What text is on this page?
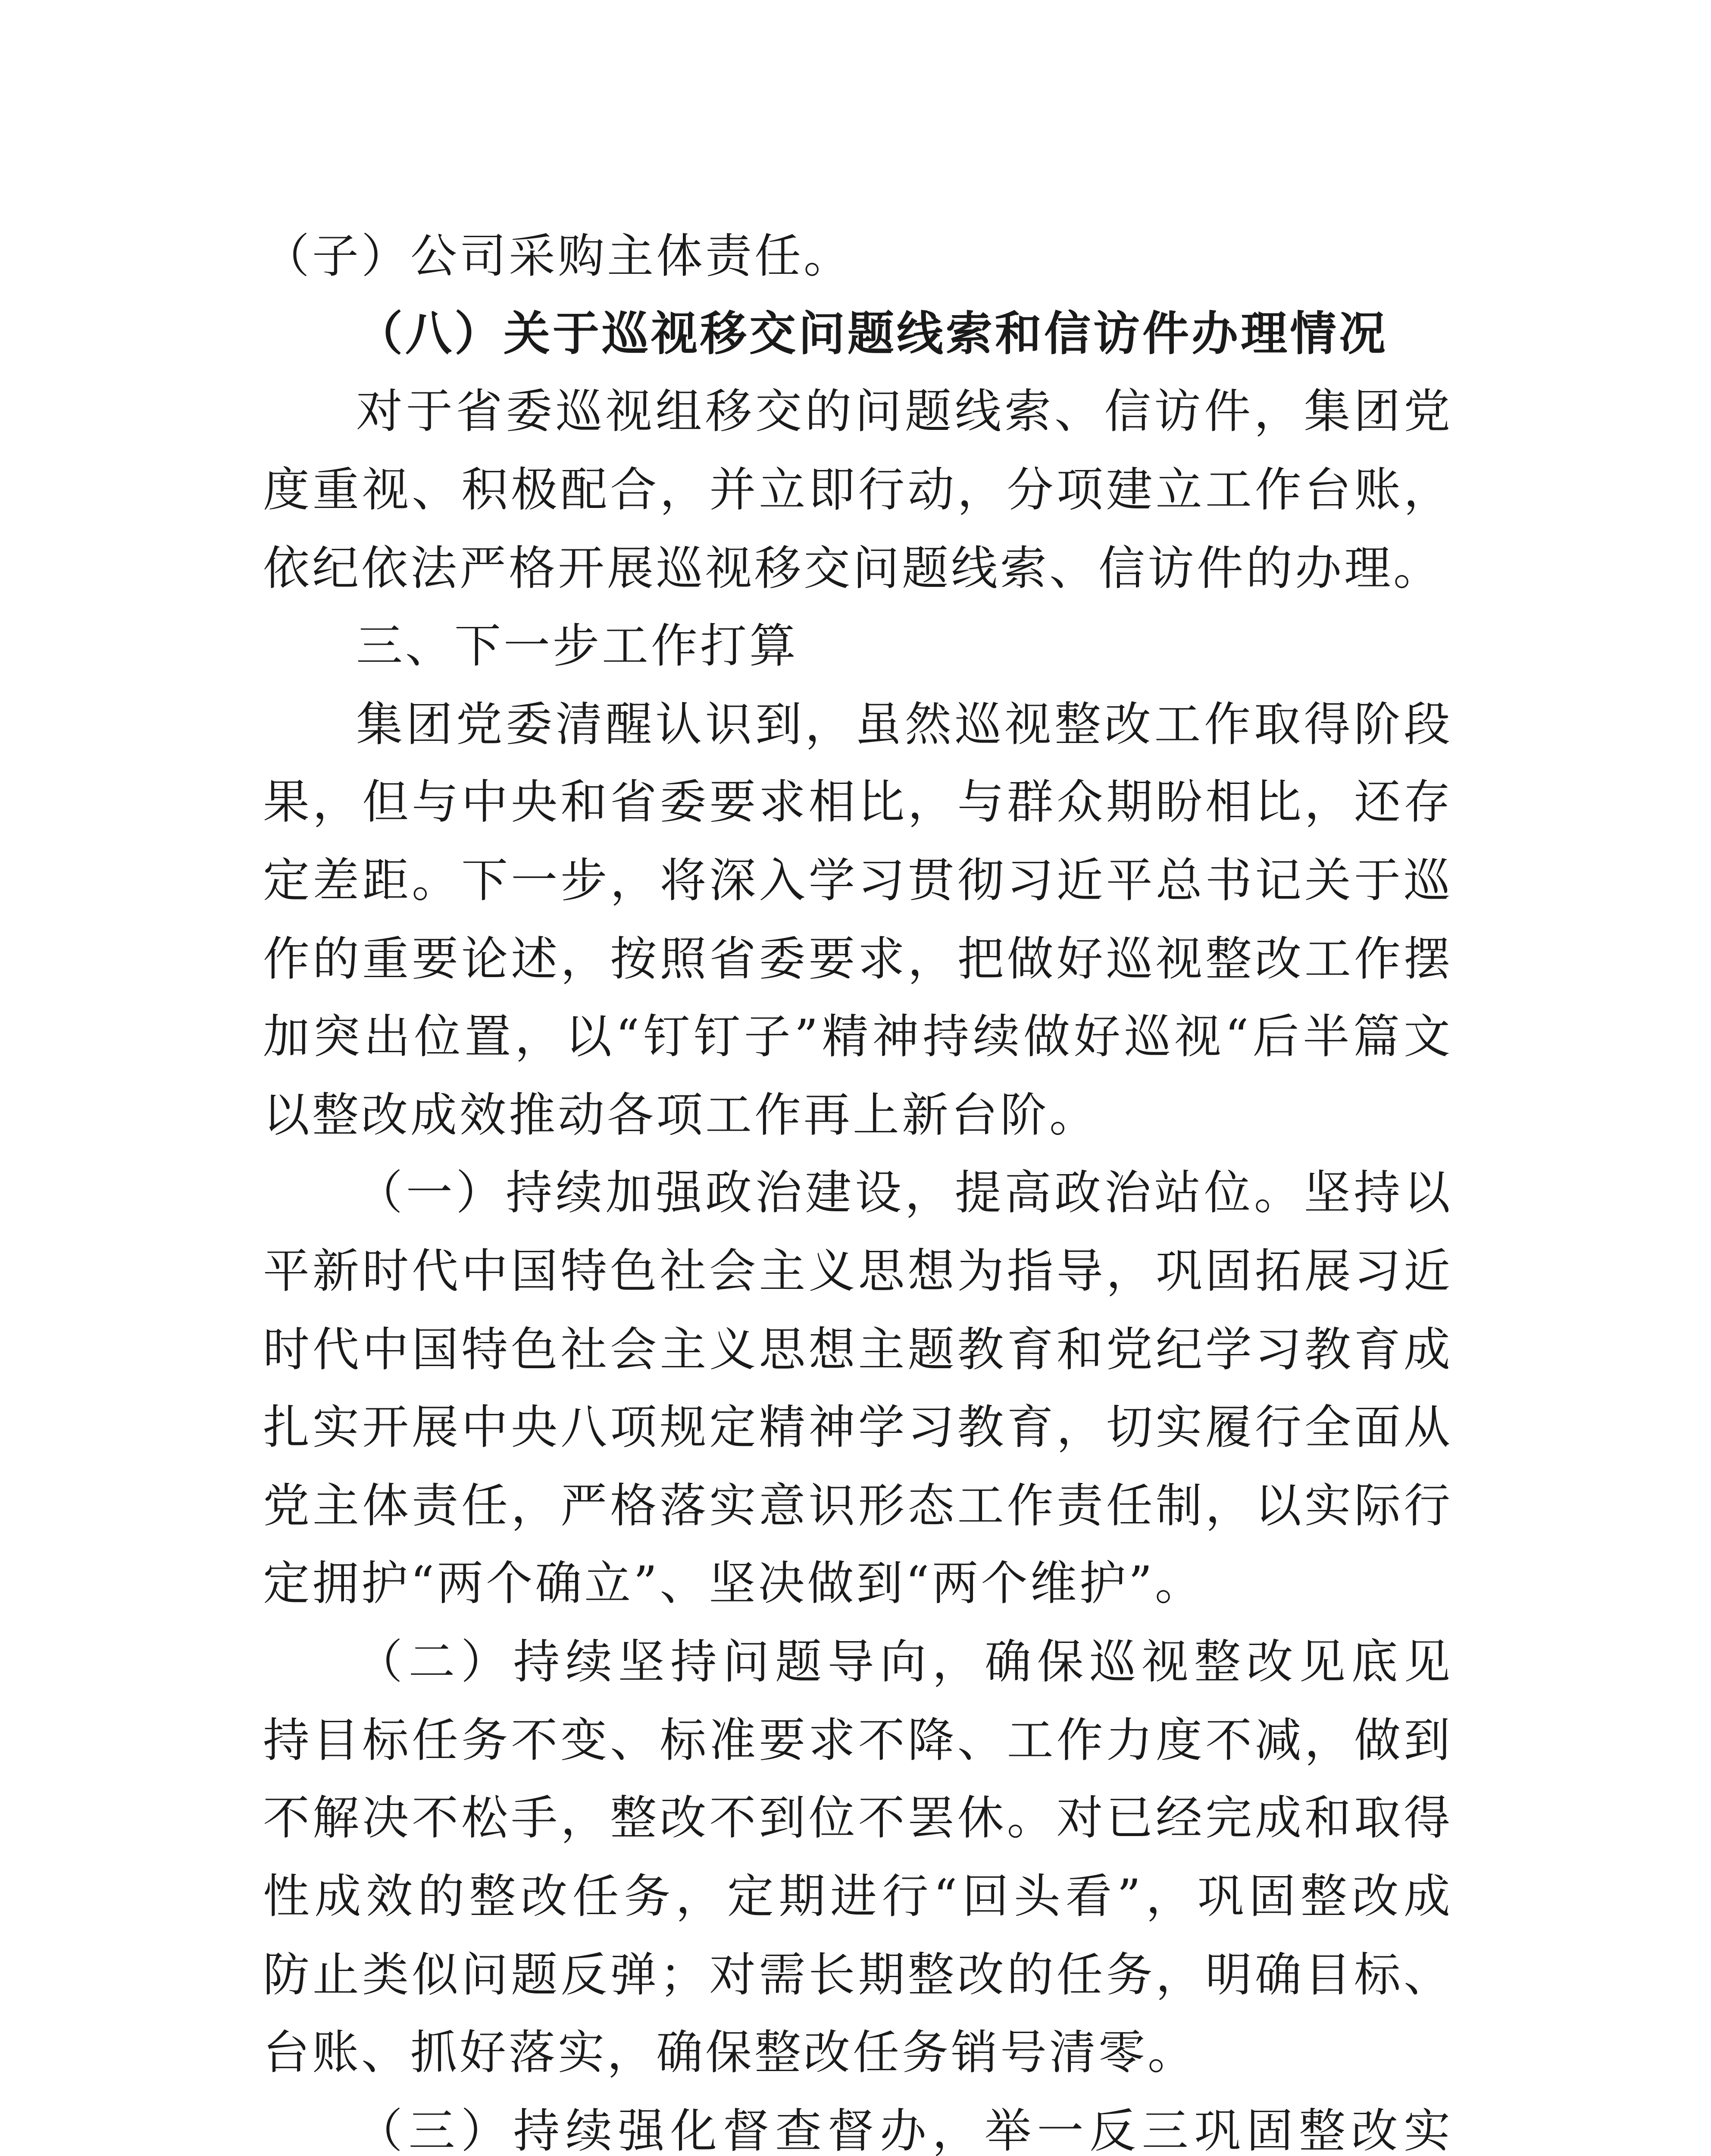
（子）公司采购主体责任。
（八）关于巡视移交问题线索和信访件办理情况
对于省委巡视组移交的问题线索、信访件，集团党
度重视、积极配合，并立即行动，分项建立工作台账，
依纪依法严格开展巡视移交问题线索、信访件的办理。
三、下一步工作打算
集团党委清醒认识到，虽然巡视整改工作取得阶段
果，但与中央和省委要求相比，与群众期盼相比，还存
定差距。下一步，将深入学习贯彻习近平总书记关于巡
作的重要论述，按照省委要求，把做好巡视整改工作摆
加突出位置，以“钉钉子”精神持续做好巡视“后半篇文
以整改成效推动各项工作再上新台阶。
（一）持续加强政治建设，提高政治站位。坚持以
平新时代中国特色社会主义思想为指导，巩固拓展习近
时代中国特色社会主义思想主题教育和党纪学习教育成
扎实开展中央八项规定精神学习教育，切实履行全面从
党主体责任，严格落实意识形态工作责任制，以实际行
定拥护“两个确立”、坚决做到“两个维护”。
（二）持续坚持问题导向，确保巡视整改见底见
持目标任务不变、标准要求不降、工作力度不减，做到
不解决不松手，整改不到位不罢休。对已经完成和取得
性成效的整改任务，定期进行“回头看”，巩固整改成
防止类似问题反弹；对需长期整改的任务，明确目标、
台账、抓好落实，确保整改任务销号清零。
（三）持续强化督查督办，举一反三巩固整改实
